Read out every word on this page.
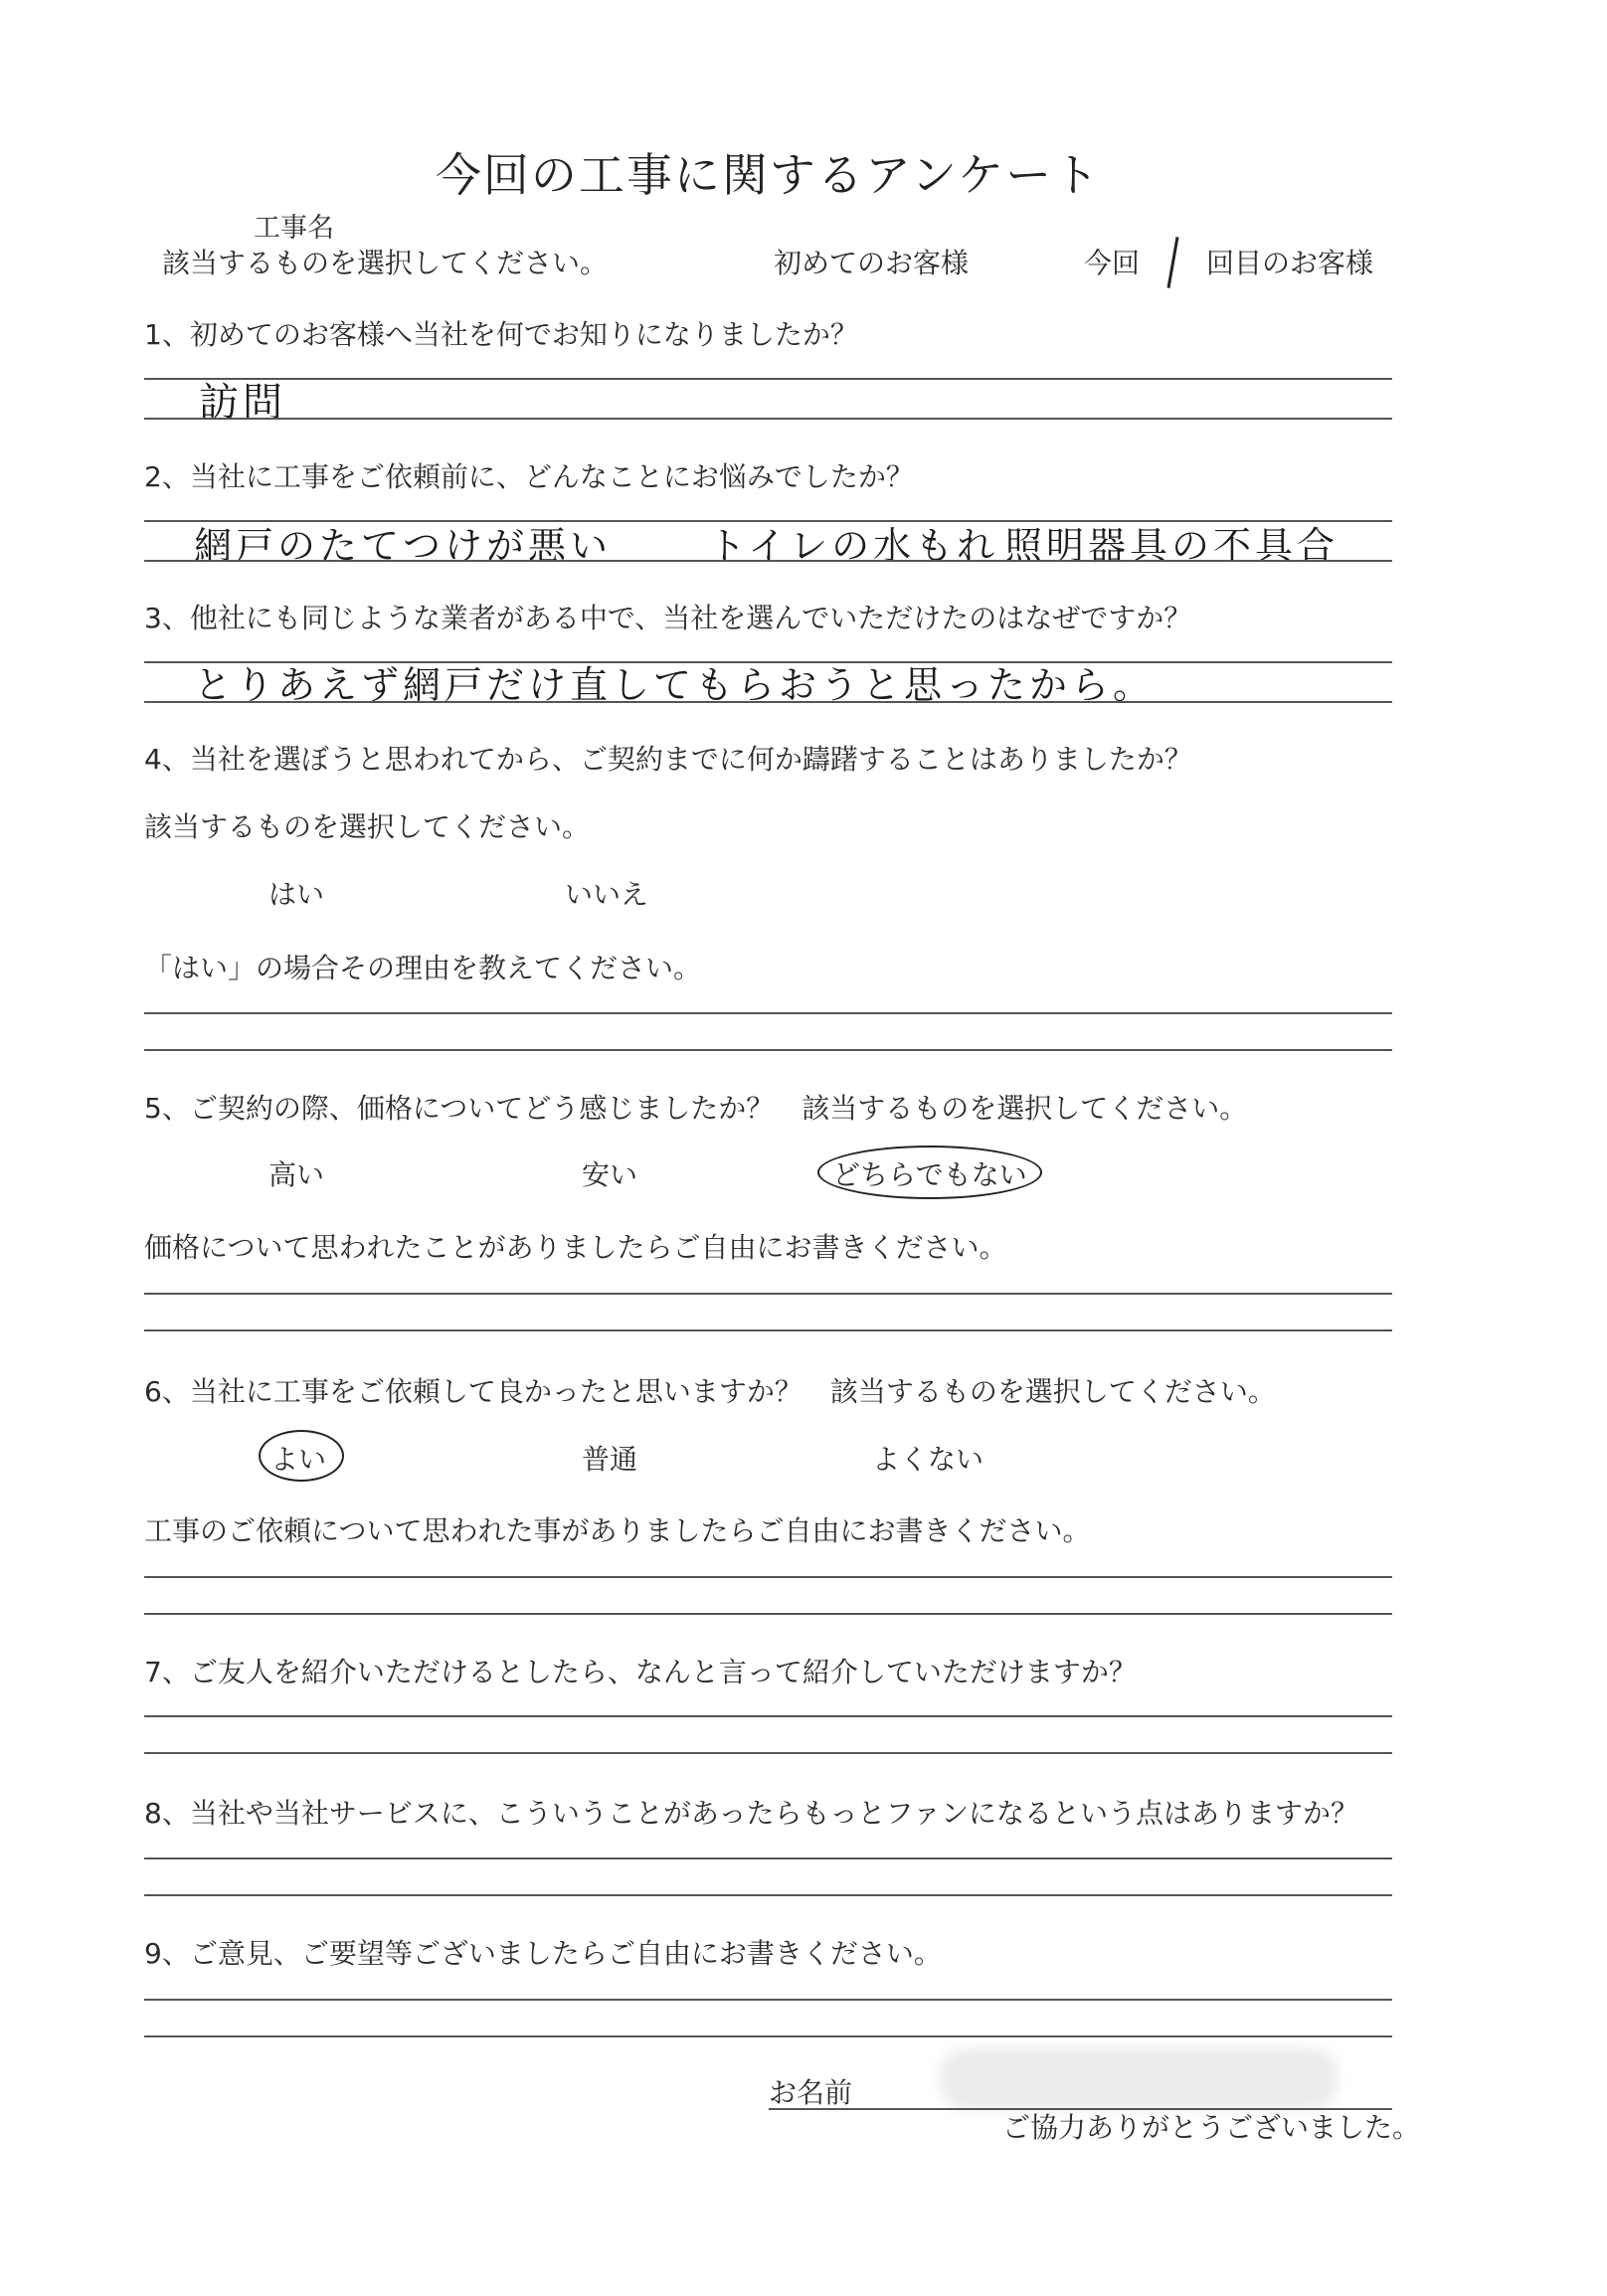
今回の工事に関するアンケート
工事名
該当するものを選択してください。	初めてのお客様	今回 回目のお客様
1、初めてのお客様へ当社を何でお知りになりましたか？
訪問
2、当社に工事をご依頼前に、どんなことにお悩みでしたか？
網戸のたてつけが悪い	トイレの水もれ 照明器具の不具合
3、他社にも同じような業者がある中で、当社を選んでいただけたのはなぜですか？
とりあえず網戸だけ直してもらおうと思ったから。
4、当社を選ぼうと思われてから、ご契約までに何か躊躇することはありましたか？
該当するものを選択してください。
はい	いいえ
「はい」の場合その理由を教えてください。
5、ご契約の際、価格についてどう感じましたか？　該当するものを選択してください。
高い	安い	どちらでもない
価格について思われたことがありましたらご自由にお書きください。
6、当社に工事をご依頼して良かったと思いますか？　該当するものを選択してください。
よい	普通	よくない
工事のご依頼について思われた事がありましたらご自由にお書きください。
7、ご友人を紹介いただけるとしたら、なんと言って紹介していただけますか？
8、当社や当社サービスに、こういうことがあったらもっとファンになるという点はありますか？
9、ご意見、ご要望等ございましたらご自由にお書きください。
お名前
ご協力ありがとうございました。
